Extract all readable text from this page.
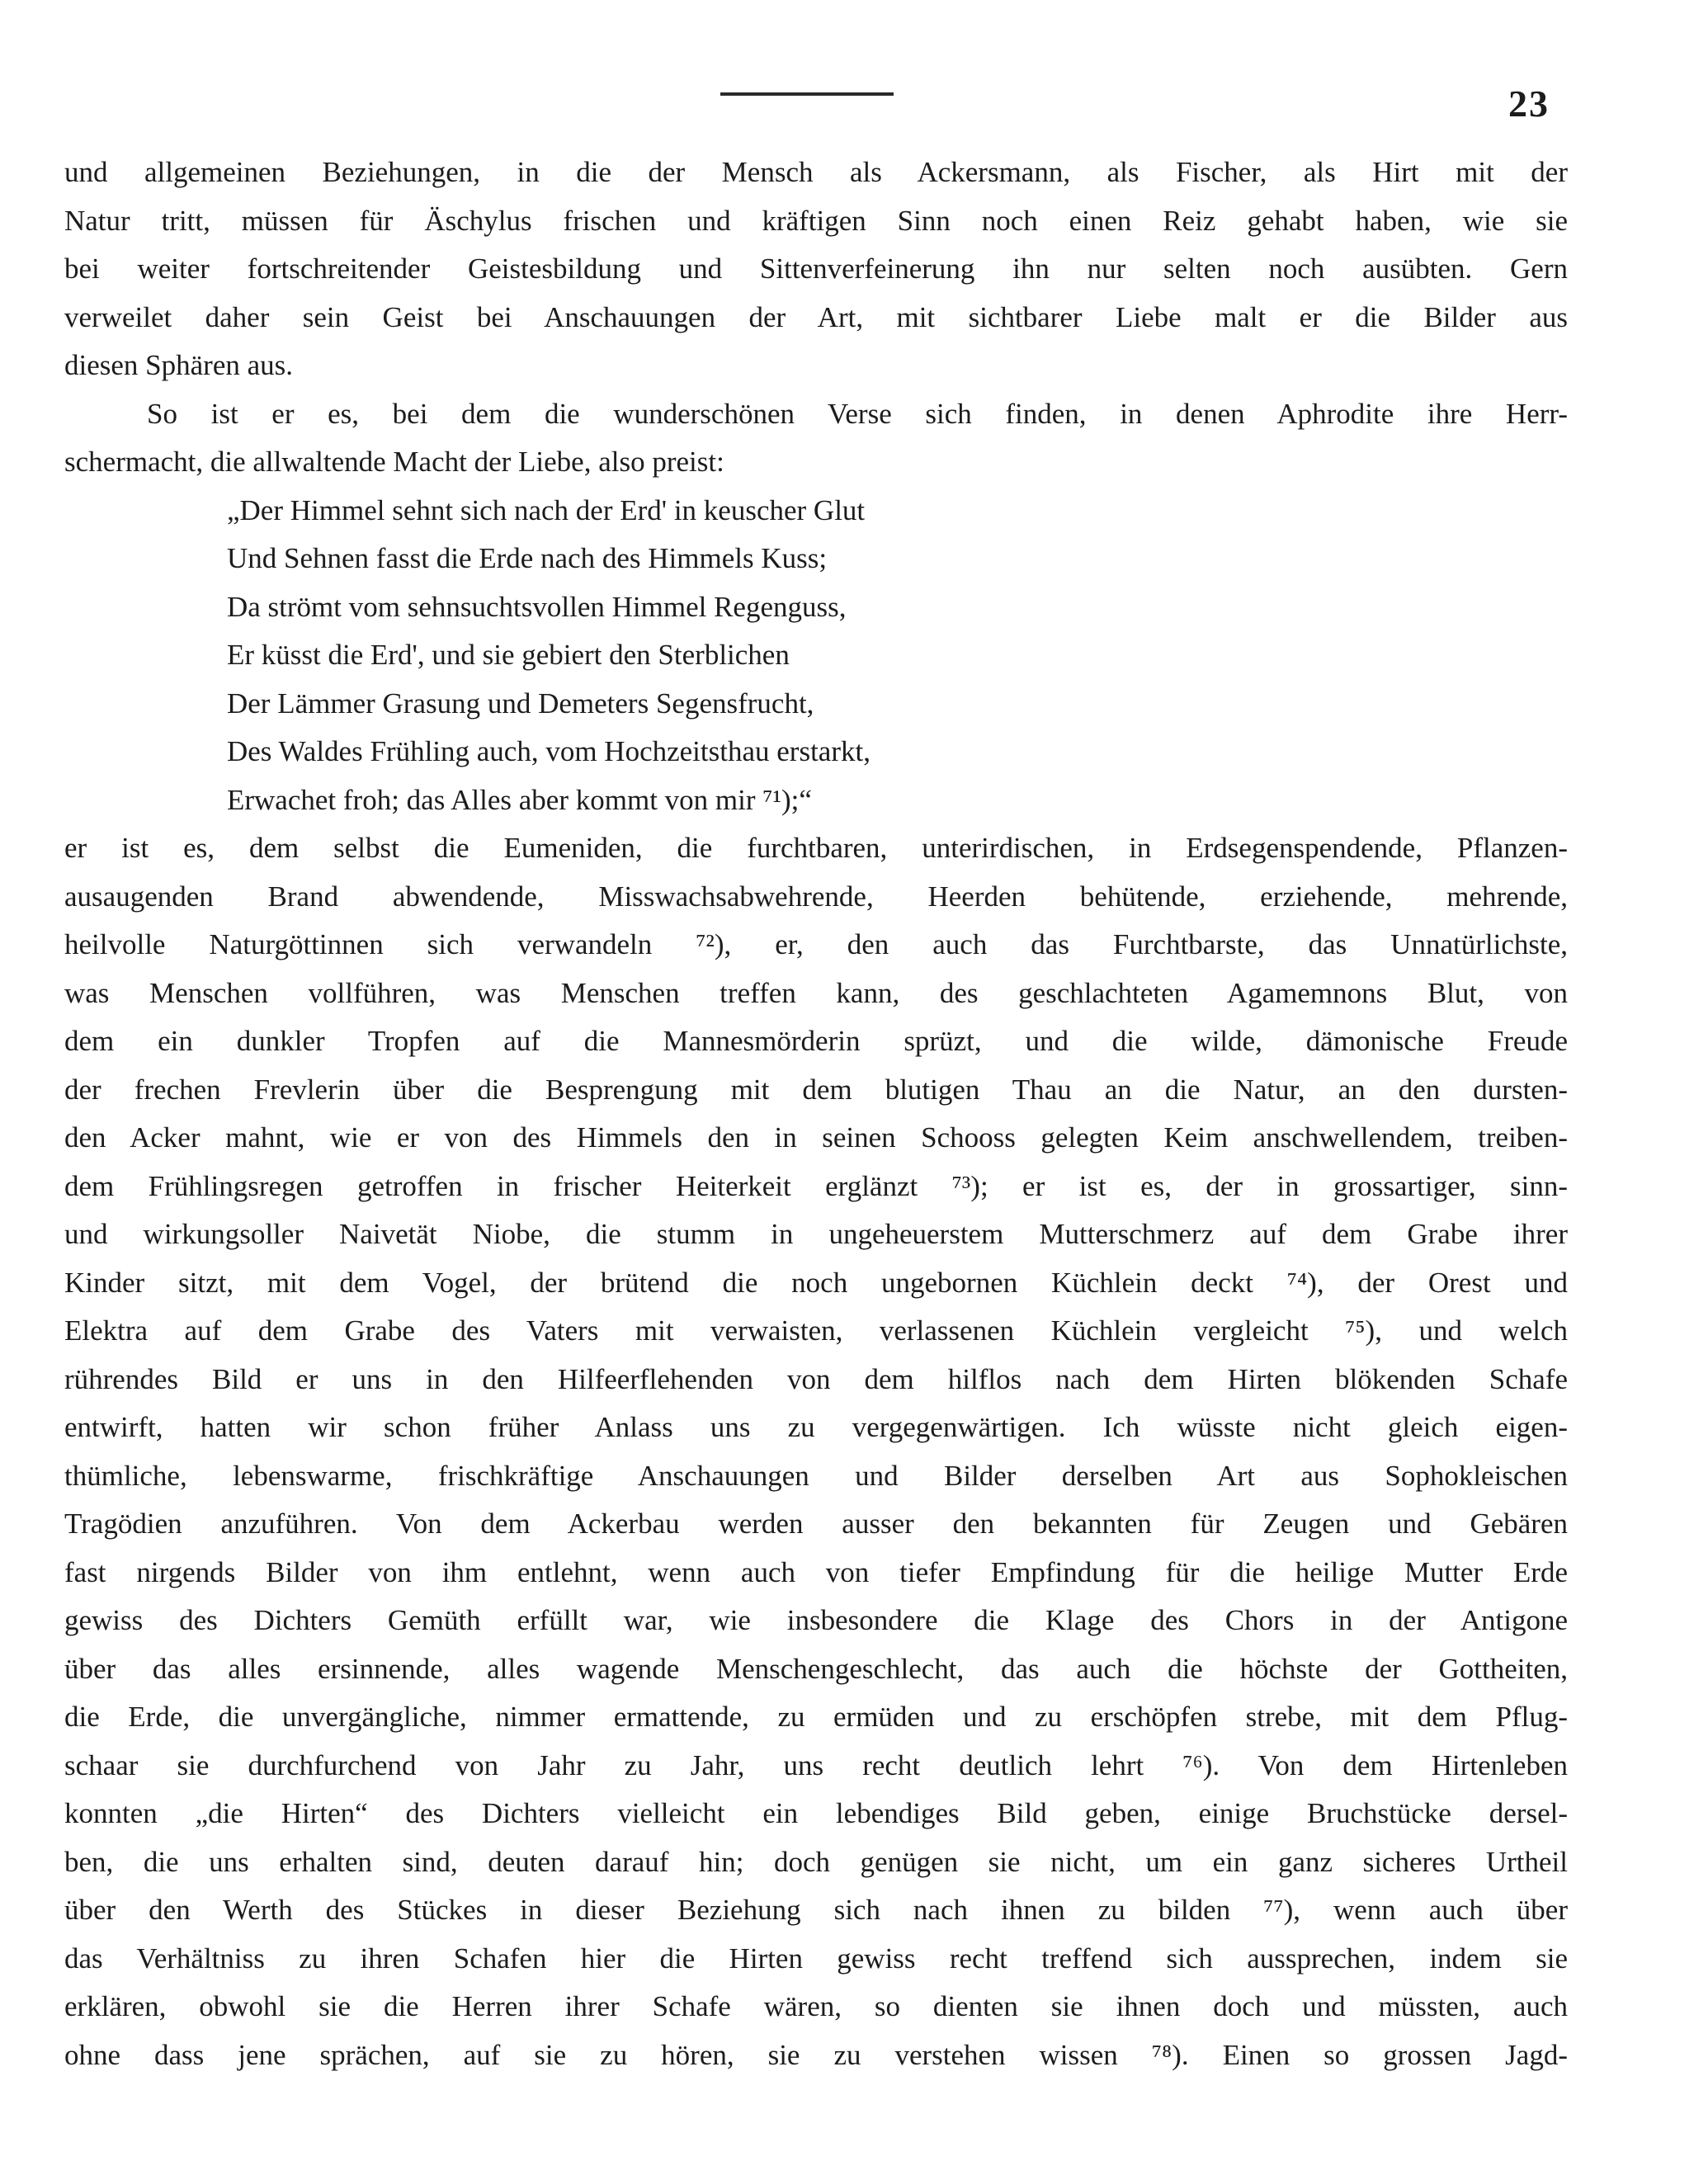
23
und allgemeinen Beziehungen, in die der Mensch als Ackersmann, als Fischer, als Hirt mit der
Natur tritt, müssen für Äschylus frischen und kräftigen Sinn noch einen Reiz gehabt haben, wie sie
bei weiter fortschreitender Geistesbildung und Sittenverfeinerung ihn nur selten noch ausübten. Gern
verweilet daher sein Geist bei Anschauungen der Art, mit sichtbarer Liebe malt er die Bilder aus
diesen Sphären aus.
So ist er es, bei dem die wunderschönen Verse sich finden, in denen Aphrodite ihre Herr-
schermacht, die allwaltende Macht der Liebe, also preist:
„Der Himmel sehnt sich nach der Erd' in keuscher Glut
Und Sehnen fasst die Erde nach des Himmels Kuss;
Da strömt vom sehnsuchtsvollen Himmel Regenguss,
Er küsst die Erd', und sie gebiert den Sterblichen
Der Lämmer Grasung und Demeters Segensfrucht,
Des Waldes Frühling auch, vom Hochzeitsthau erstarkt,
Erwachet froh; das Alles aber kommt von mir ⁷¹);“
er ist es, dem selbst die Eumeniden, die furchtbaren, unterirdischen, in Erdsegenspendende, Pflanzen-
ausaugenden Brand abwendende, Misswachsabwehrende, Heerden behütende, erziehende, mehrende,
heilvolle Naturgöttinnen sich verwandeln ⁷²), er, den auch das Furchtbarste, das Unnatürlichste,
was Menschen vollführen, was Menschen treffen kann, des geschlachteten Agamemnons Blut, von
dem ein dunkler Tropfen auf die Mannesmörderin sprüzt, und die wilde, dämonische Freude
der frechen Frevlerin über die Besprengung mit dem blutigen Thau an die Natur, an den dursten-
den Acker mahnt, wie er von des Himmels den in seinen Schooss gelegten Keim anschwellendem, treiben-
dem Frühlingsregen getroffen in frischer Heiterkeit erglänzt ⁷³); er ist es, der in grossartiger, sinn-
und wirkungsoller Naivetät Niobe, die stumm in ungeheuerstem Mutterschmerz auf dem Grabe ihrer
Kinder sitzt, mit dem Vogel, der brütend die noch ungebornen Küchlein deckt ⁷⁴), der Orest und
Elektra auf dem Grabe des Vaters mit verwaisten, verlassenen Küchlein vergleicht ⁷⁵), und welch
rührendes Bild er uns in den Hilfeerflehenden von dem hilflos nach dem Hirten blökenden Schafe
entwirft, hatten wir schon früher Anlass uns zu vergegenwärtigen. Ich wüsste nicht gleich eigen-
thümliche, lebenswarme, frischkräftige Anschauungen und Bilder derselben Art aus Sophokleischen
Tragödien anzuführen. Von dem Ackerbau werden ausser den bekannten für Zeugen und Gebären
fast nirgends Bilder von ihm entlehnt, wenn auch von tiefer Empfindung für die heilige Mutter Erde
gewiss des Dichters Gemüth erfüllt war, wie insbesondere die Klage des Chors in der Antigone
über das alles ersinnende, alles wagende Menschengeschlecht, das auch die höchste der Gottheiten,
die Erde, die unvergängliche, nimmer ermattende, zu ermüden und zu erschöpfen strebe, mit dem Pflug-
schaar sie durchfurchend von Jahr zu Jahr, uns recht deutlich lehrt ⁷⁶). Von dem Hirtenleben
konnten „die Hirten“ des Dichters vielleicht ein lebendiges Bild geben, einige Bruchstücke dersel-
ben, die uns erhalten sind, deuten darauf hin; doch genügen sie nicht, um ein ganz sicheres Urtheil
über den Werth des Stückes in dieser Beziehung sich nach ihnen zu bilden ⁷⁷), wenn auch über
das Verhältniss zu ihren Schafen hier die Hirten gewiss recht treffend sich aussprechen, indem sie
erklären, obwohl sie die Herren ihrer Schafe wären, so dienten sie ihnen doch und müssten, auch
ohne dass jene sprächen, auf sie zu hören, sie zu verstehen wissen ⁷⁸). Einen so grossen Jagd-
